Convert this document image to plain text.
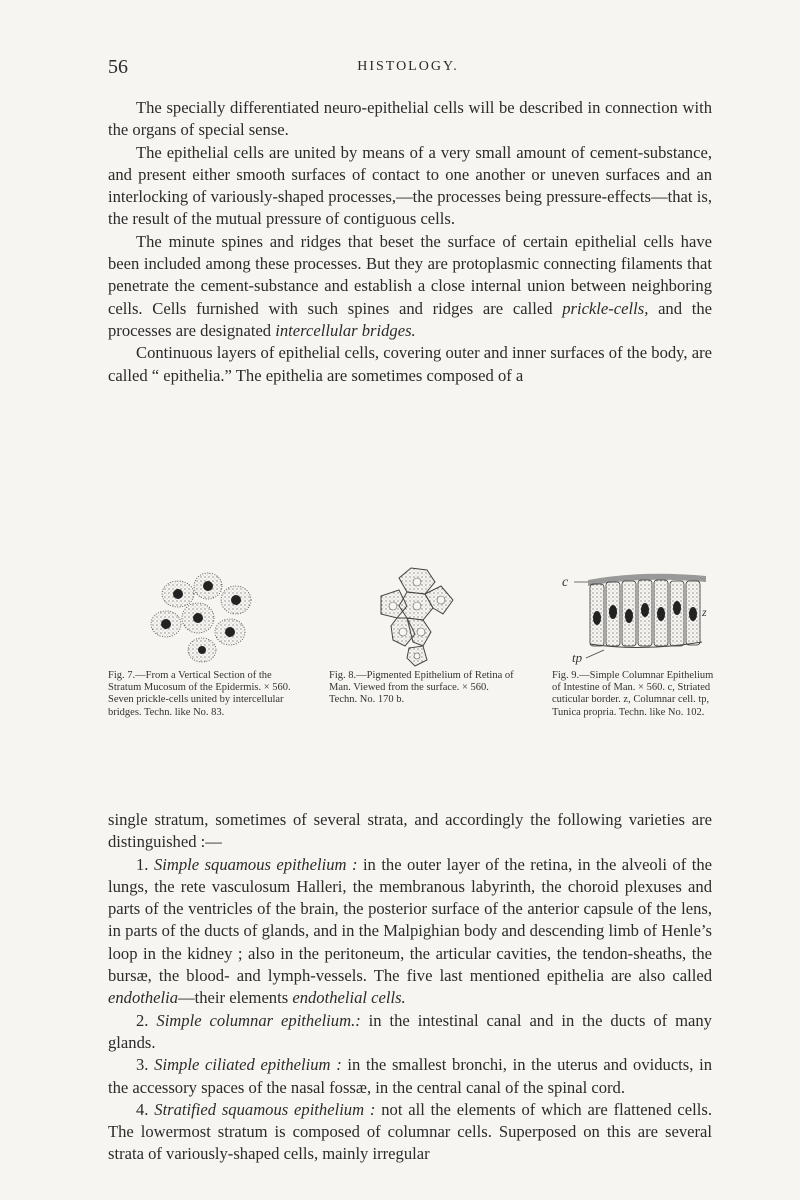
56	HISTOLOGY.

The specially differentiated neuro-epithelial cells will be described in connection with the organs of special sense.

The epithelial cells are united by means of a very small amount of cement-substance, and present either smooth surfaces of contact to one another or uneven surfaces and an interlocking of variously-shaped processes,—the processes being pressure-effects—that is, the result of the mutual pressure of contiguous cells.

The minute spines and ridges that beset the surface of certain epithelial cells have been included among these processes. But they are protoplasmic connecting filaments that penetrate the cement-substance and establish a close internal union between neighboring cells. Cells furnished with such spines and ridges are called prickle-cells, and the processes are designated intercellular bridges.

Continuous layers of epithelial cells, covering outer and inner surfaces of the body, are called “ epithelia.” The epithelia are sometimes composed of a

Fig. 7.—From a Vertical Section of the Stratum Mucosum of the Epidermis. × 560. Seven prickle-cells united by intercellular bridges. Techn. like No. 83.
Fig. 8.—Pigmented Epithelium of Retina of Man. Viewed from the surface. × 560. Techn. No. 170 b.
c
z
tp
Fig. 9.—Simple Columnar Epithelium of Intestine of Man. × 560. c, Striated cuticular border. z, Columnar cell. tp, Tunica propria. Techn. like No. 102.

single stratum, sometimes of several strata, and accordingly the following varieties are distinguished :—

1. Simple squamous epithelium : in the outer layer of the retina, in the alveoli of the lungs, the rete vasculosum Halleri, the membranous labyrinth, the choroid plexuses and parts of the ventricles of the brain, the posterior surface of the anterior capsule of the lens, in parts of the ducts of glands, and in the Malpighian body and descending limb of Henle’s loop in the kidney ; also in the peritoneum, the articular cavities, the tendon-sheaths, the bursæ, the blood- and lymph-vessels. The five last mentioned epithelia are also called endothelia—their elements endothelial cells.

2. Simple columnar epithelium.: in the intestinal canal and in the ducts of many glands.

3. Simple ciliated epithelium : in the smallest bronchi, in the uterus and oviducts, in the accessory spaces of the nasal fossæ, in the central canal of the spinal cord.

4. Stratified squamous epithelium : not all the elements of which are flattened cells. The lowermost stratum is composed of columnar cells. Superposed on this are several strata of variously-shaped cells, mainly irregular
